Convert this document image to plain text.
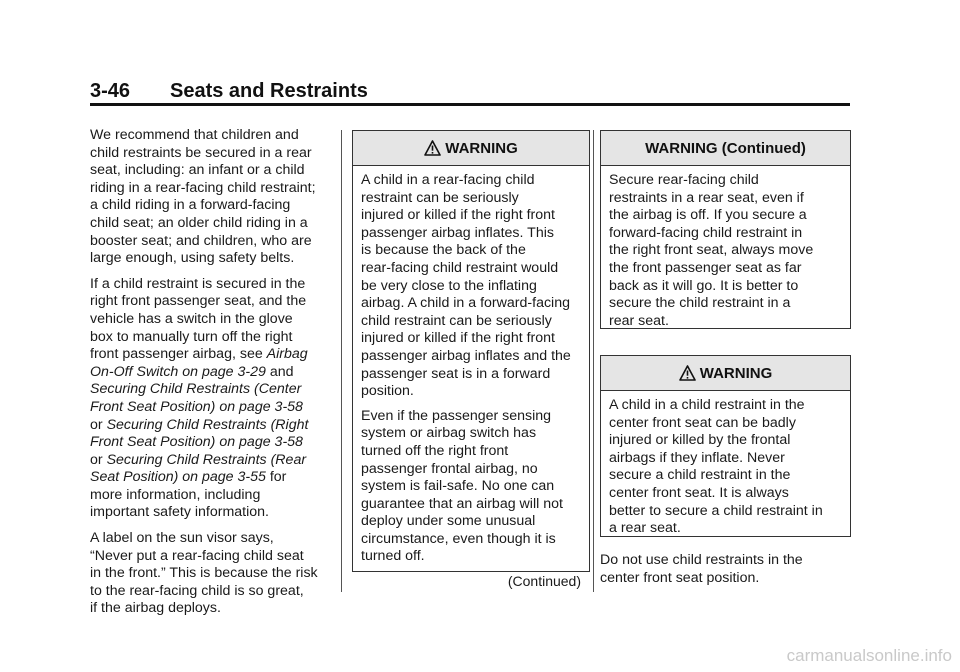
3-46 Seats and Restraints

We recommend that children and
child restraints be secured in a rear
seat, including: an infant or a child
riding in a rear-facing child restraint;
a child riding in a forward-facing
child seat; an older child riding in a
booster seat; and children, who are
large enough, using safety belts.

If a child restraint is secured in the
right front passenger seat, and the
vehicle has a switch in the glove
box to manually turn off the right
front passenger airbag, see Airbag
On-Off Switch on page 3-29 and
Securing Child Restraints (Center
Front Seat Position) on page 3-58
or Securing Child Restraints (Right
Front Seat Position) on page 3-58
or Securing Child Restraints (Rear
Seat Position) on page 3-55 for
more information, including
important safety information.

A label on the sun visor says,
“Never put a rear-facing child seat
in the front.” This is because the risk
to the rear-facing child is so great,
if the airbag deploys.

WARNING

A child in a rear-facing child
restraint can be seriously
injured or killed if the right front
passenger airbag inflates. This
is because the back of the
rear-facing child restraint would
be very close to the inflating
airbag. A child in a forward-facing
child restraint can be seriously
injured or killed if the right front
passenger airbag inflates and the
passenger seat is in a forward
position.

Even if the passenger sensing
system or airbag switch has
turned off the right front
passenger frontal airbag, no
system is fail-safe. No one can
guarantee that an airbag will not
deploy under some unusual
circumstance, even though it is
turned off.

(Continued)
WARNING (Continued)
Secure rear-facing child
restraints in a rear seat, even if
the airbag is off. If you secure a
forward-facing child restraint in
the right front seat, always move
the front passenger seat as far
back as it will go. It is better to
secure the child restraint in a
rear seat.
WARNING
A child in a child restraint in the
center front seat can be badly
injured or killed by the frontal
airbags if they inflate. Never
secure a child restraint in the
center front seat. It is always
better to secure a child restraint in
a rear seat.
Do not use child restraints in the
center front seat position.
carmanualsonline.info
